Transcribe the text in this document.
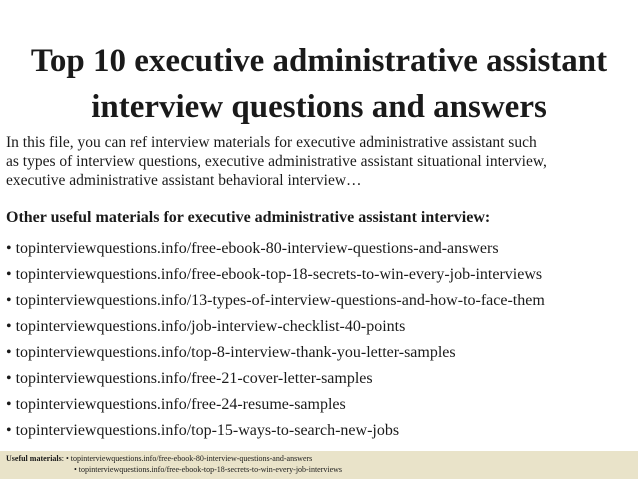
Top 10 executive administrative assistant
interview questions and answers
In this file, you can ref interview materials for executive administrative assistant such
as types of interview questions, executive administrative assistant situational interview,
executive administrative assistant behavioral interview…
Other useful materials for executive administrative assistant interview:
• topinterviewquestions.info/free-ebook-80-interview-questions-and-answers
• topinterviewquestions.info/free-ebook-top-18-secrets-to-win-every-job-interviews
• topinterviewquestions.info/13-types-of-interview-questions-and-how-to-face-them
• topinterviewquestions.info/job-interview-checklist-40-points
• topinterviewquestions.info/top-8-interview-thank-you-letter-samples
• topinterviewquestions.info/free-21-cover-letter-samples
• topinterviewquestions.info/free-24-resume-samples
• topinterviewquestions.info/top-15-ways-to-search-new-jobs
Useful materials: • topinterviewquestions.info/free-ebook-80-interview-questions-and-answers
• topinterviewquestions.info/free-ebook-top-18-secrets-to-win-every-job-interviews
